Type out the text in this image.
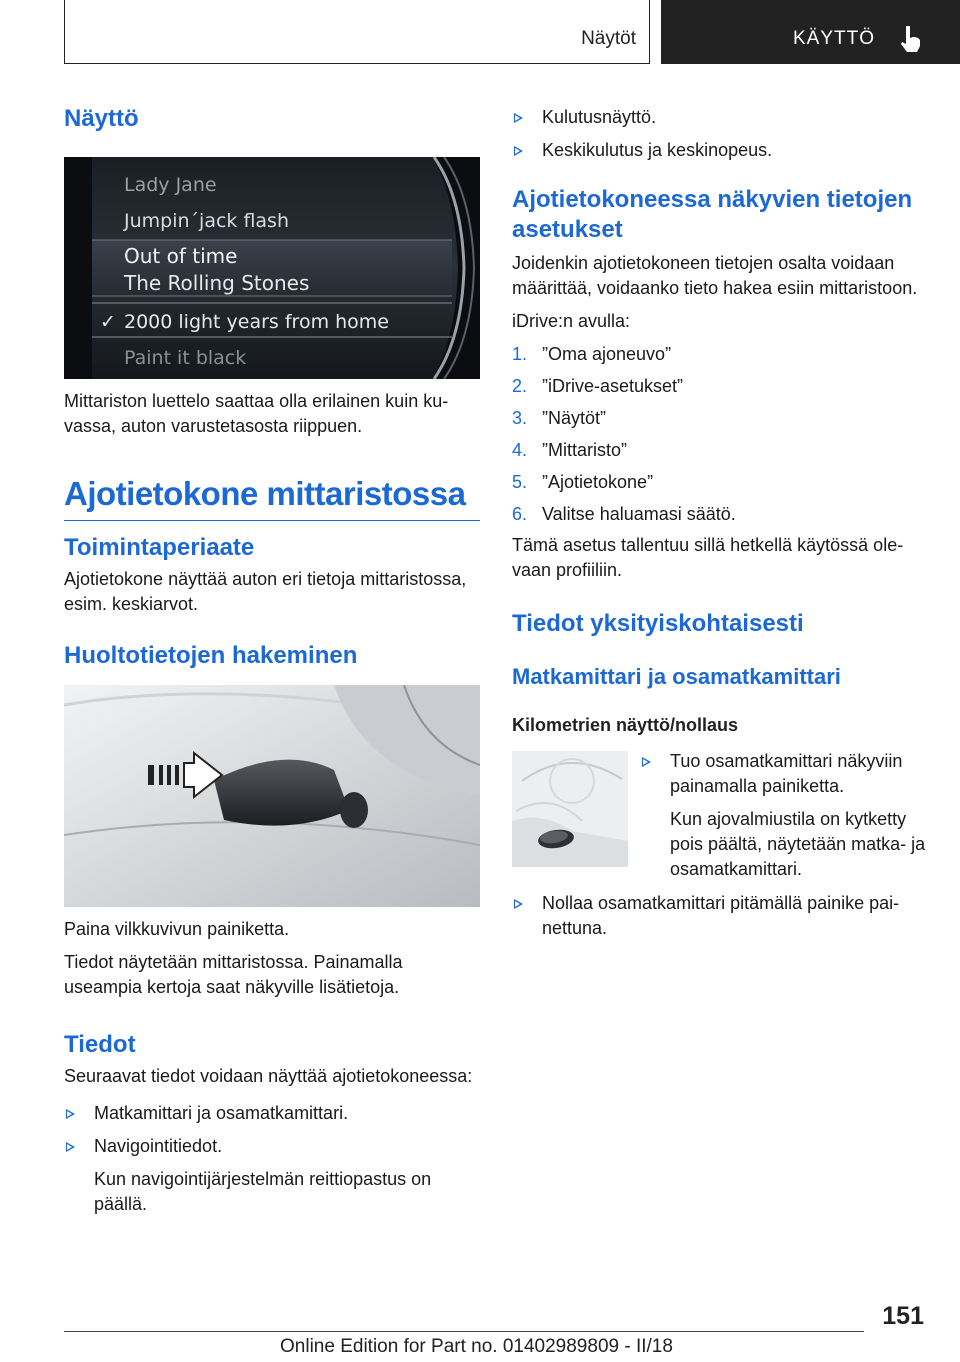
Näytöt	KÄYTTÖ
Näyttö
Lady Jane
Jumpin´jack flash
Out of time
The Rolling Stones
✓ 2000 light years from home
Paint it black

Mittariston luettelo saattaa olla erilainen kuin kuvassa, auton varustetasosta riippuen.

Ajotietokone mittaristossa
Toimintaperiaate

Ajotietokone näyttää auton eri tietoja mittaristossa, esim. keskiarvot.

Huoltotietojen hakeminen

Paina vilkkuvivun painiketta.

Tiedot näytetään mittaristossa. Painamalla useampia kertoja saat näkyville lisätietoja.

Tiedot

Seuraavat tiedot voidaan näyttää ajotietokoneessa:

Matkamittari ja osamatkamittari.
Navigointitiedot.

Kun navigointijärjestelmän reittiopastus on päällä.

Kulutusnäyttö.
Keskikulutus ja keskinopeus.
Ajotietokoneessa näkyvien tietojen asetukset

Joidenkin ajotietokoneen tietojen osalta voidaan määrittää, voidaanko tieto hakea esiin mittaristoon.

iDrive:n avulla:

1. ”Oma ajoneuvo”
2. ”iDrive-asetukset”
3. ”Näytöt”
4. ”Mittaristo”
5. ”Ajotietokone”
6. Valitse haluamasi säätö.

Tämä asetus tallentuu sillä hetkellä käytössä olevaan profiiliin.

Tiedot yksityiskohtaisesti
Matkamittari ja osamatkamittari
Kilometrien näyttö/nollaus
Tuo osamatkamittari näkyviin painamalla painiketta.

Kun ajovalmiustila on kytketty pois päältä, näytetään matka- ja osamatkamittari.

Nollaa osamatkamittari pitämällä painike painettuna.
151
Online Edition for Part no. 01402989809 - II/18
